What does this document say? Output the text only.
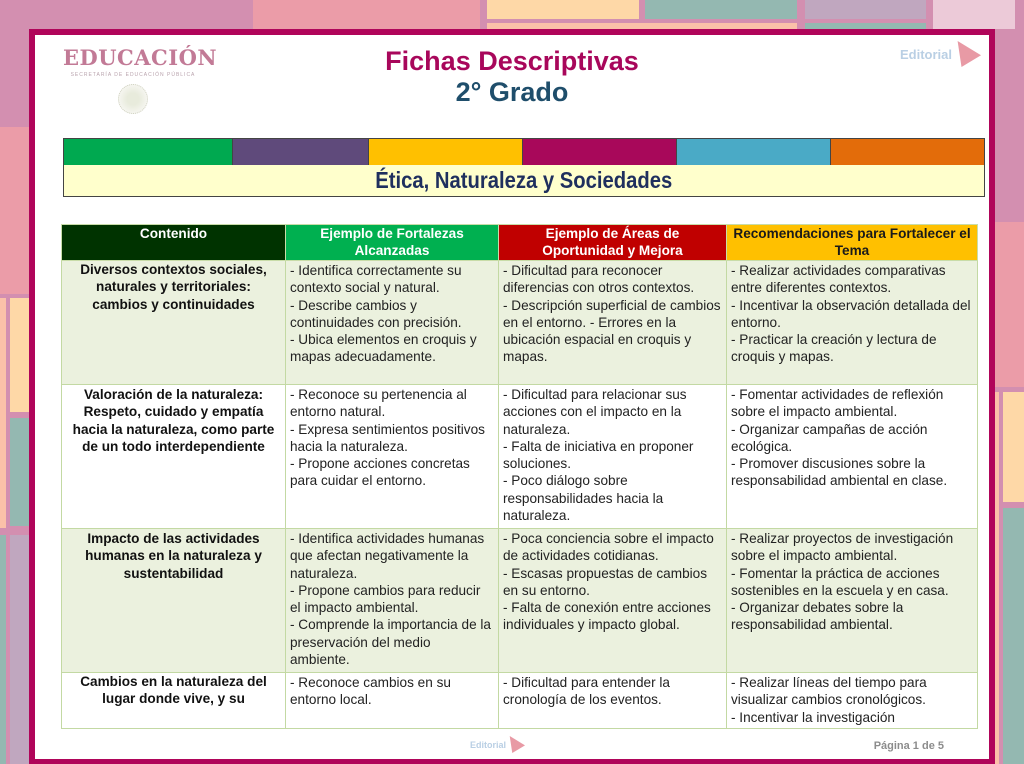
EDUCACIÓN
SECRETARÍA DE EDUCACIÓN PÚBLICA	Fichas Descriptivas
2° Grado
Editorial
Ética, Naturaleza y Sociedades
Contenido	Ejemplo de Fortalezas Alcanzadas	Ejemplo de Áreas de Oportunidad y Mejora	Recomendaciones para Fortalecer el Tema
Diversos contextos sociales, naturales y territoriales: cambios y continuidades	- Identifica correctamente su contexto social y natural.
- Describe cambios y continuidades con precisión.
- Ubica elementos en croquis y mapas adecuadamente.	- Dificultad para reconocer diferencias con otros contextos.
- Descripción superficial de cambios en el entorno. - Errores en la ubicación espacial en croquis y mapas.	- Realizar actividades comparativas entre diferentes contextos.
- Incentivar la observación detallada del entorno.
- Practicar la creación y lectura de croquis y mapas.

Valoración de la naturaleza: Respeto, cuidado y empatía hacia la naturaleza, como parte de un todo interdependiente	- Reconoce su pertenencia al entorno natural.
- Expresa sentimientos positivos hacia la naturaleza.
- Propone acciones concretas para cuidar el entorno.	- Dificultad para relacionar sus acciones con el impacto en la naturaleza.
- Falta de iniciativa en proponer soluciones.
- Poco diálogo sobre responsabilidades hacia la naturaleza.	- Fomentar actividades de reflexión sobre el impacto ambiental.
- Organizar campañas de acción ecológica.
- Promover discusiones sobre la responsabilidad ambiental en clase.

Impacto de las actividades humanas en la naturaleza y sustentabilidad	- Identifica actividades humanas que afectan negativamente la naturaleza.
- Propone cambios para reducir el impacto ambiental.
- Comprende la importancia de la preservación del medio ambiente.	- Poca conciencia sobre el impacto de actividades cotidianas.
- Escasas propuestas de cambios en su entorno.
- Falta de conexión entre acciones individuales y impacto global.	- Realizar proyectos de investigación sobre el impacto ambiental.
- Fomentar la práctica de acciones sostenibles en la escuela y en casa.
- Organizar debates sobre la responsabilidad ambiental.

Cambios en la naturaleza del lugar donde vive, y su	- Reconoce cambios en su entorno local.	- Dificultad para entender la cronología de los eventos.	- Realizar líneas del tiempo para visualizar cambios cronológicos.
- Incentivar la investigación
Editorial	Página 1 de 5
